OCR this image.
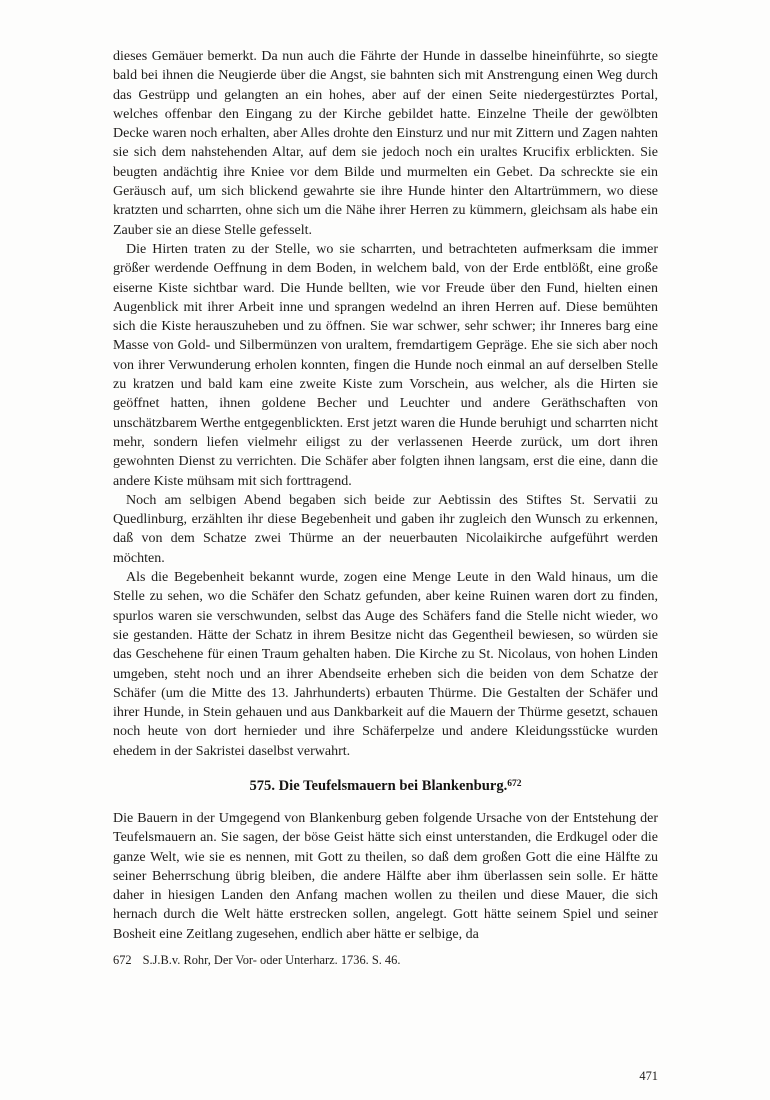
dieses Gemäuer bemerkt. Da nun auch die Fährte der Hunde in dasselbe hineinführte, so siegte bald bei ihnen die Neugierde über die Angst, sie bahnten sich mit Anstrengung einen Weg durch das Gestrüpp und gelangten an ein hohes, aber auf der einen Seite niedergestürztes Portal, welches offenbar den Eingang zu der Kirche gebildet hatte. Einzelne Theile der gewölbten Decke waren noch erhalten, aber Alles drohte den Einsturz und nur mit Zittern und Zagen nahten sie sich dem nahstehenden Altar, auf dem sie jedoch noch ein uraltes Krucifix erblickten. Sie beugten andächtig ihre Kniee vor dem Bilde und murmelten ein Gebet. Da schreckte sie ein Geräusch auf, um sich blickend gewahrte sie ihre Hunde hinter den Altartrümmern, wo diese kratzten und scharrten, ohne sich um die Nähe ihrer Herren zu kümmern, gleichsam als habe ein Zauber sie an diese Stelle gefesselt.

Die Hirten traten zu der Stelle, wo sie scharrten, und betrachteten aufmerksam die immer größer werdende Oeffnung in dem Boden, in welchem bald, von der Erde entblößt, eine große eiserne Kiste sichtbar ward. Die Hunde bellten, wie vor Freude über den Fund, hielten einen Augenblick mit ihrer Arbeit inne und sprangen wedelnd an ihren Herren auf. Diese bemühten sich die Kiste herauszuheben und zu öffnen. Sie war schwer, sehr schwer; ihr Inneres barg eine Masse von Gold- und Silbermünzen von uraltem, fremdartigem Gepräge. Ehe sie sich aber noch von ihrer Verwunderung erholen konnten, fingen die Hunde noch einmal an auf derselben Stelle zu kratzen und bald kam eine zweite Kiste zum Vorschein, aus welcher, als die Hirten sie geöffnet hatten, ihnen goldene Becher und Leuchter und andere Geräthschaften von unschätzbarem Werthe entgegenblickten. Erst jetzt waren die Hunde beruhigt und scharrten nicht mehr, sondern liefen vielmehr eiligst zu der verlassenen Heerde zurück, um dort ihren gewohnten Dienst zu verrichten. Die Schäfer aber folgten ihnen langsam, erst die eine, dann die andere Kiste mühsam mit sich forttragend.

Noch am selbigen Abend begaben sich beide zur Aebtissin des Stiftes St. Servatii zu Quedlinburg, erzählten ihr diese Begebenheit und gaben ihr zugleich den Wunsch zu erkennen, daß von dem Schatze zwei Thürme an der neuerbauten Nicolaikirche aufgeführt werden möchten.

Als die Begebenheit bekannt wurde, zogen eine Menge Leute in den Wald hinaus, um die Stelle zu sehen, wo die Schäfer den Schatz gefunden, aber keine Ruinen waren dort zu finden, spurlos waren sie verschwunden, selbst das Auge des Schäfers fand die Stelle nicht wieder, wo sie gestanden. Hätte der Schatz in ihrem Besitze nicht das Gegentheil bewiesen, so würden sie das Geschehene für einen Traum gehalten haben. Die Kirche zu St. Nicolaus, von hohen Linden umgeben, steht noch und an ihrer Abendseite erheben sich die beiden von dem Schatze der Schäfer (um die Mitte des 13. Jahrhunderts) erbauten Thürme. Die Gestalten der Schäfer und ihrer Hunde, in Stein gehauen und aus Dankbarkeit auf die Mauern der Thürme gesetzt, schauen noch heute von dort hernieder und ihre Schäferpelze und andere Kleidungsstücke wurden ehedem in der Sakristei daselbst verwahrt.

575. Die Teufelsmauern bei Blankenburg.$^{672}$

Die Bauern in der Umgegend von Blankenburg geben folgende Ursache von der Entstehung der Teufelsmauern an. Sie sagen, der böse Geist hätte sich einst unterstanden, die Erdkugel oder die ganze Welt, wie sie es nennen, mit Gott zu theilen, so daß dem großen Gott die eine Hälfte zu seiner Beherrschung übrig bleiben, die andere Hälfte aber ihm überlassen sein solle. Er hätte daher in hiesigen Landen den Anfang machen wollen zu theilen und diese Mauer, die sich hernach durch die Welt hätte erstrecken sollen, angelegt. Gott hätte seinem Spiel und seiner Bosheit eine Zeitlang zugesehen, endlich aber hätte er selbige, da

672 S.J.B.v. Rohr, Der Vor- oder Unterharz. 1736. S. 46.
471
